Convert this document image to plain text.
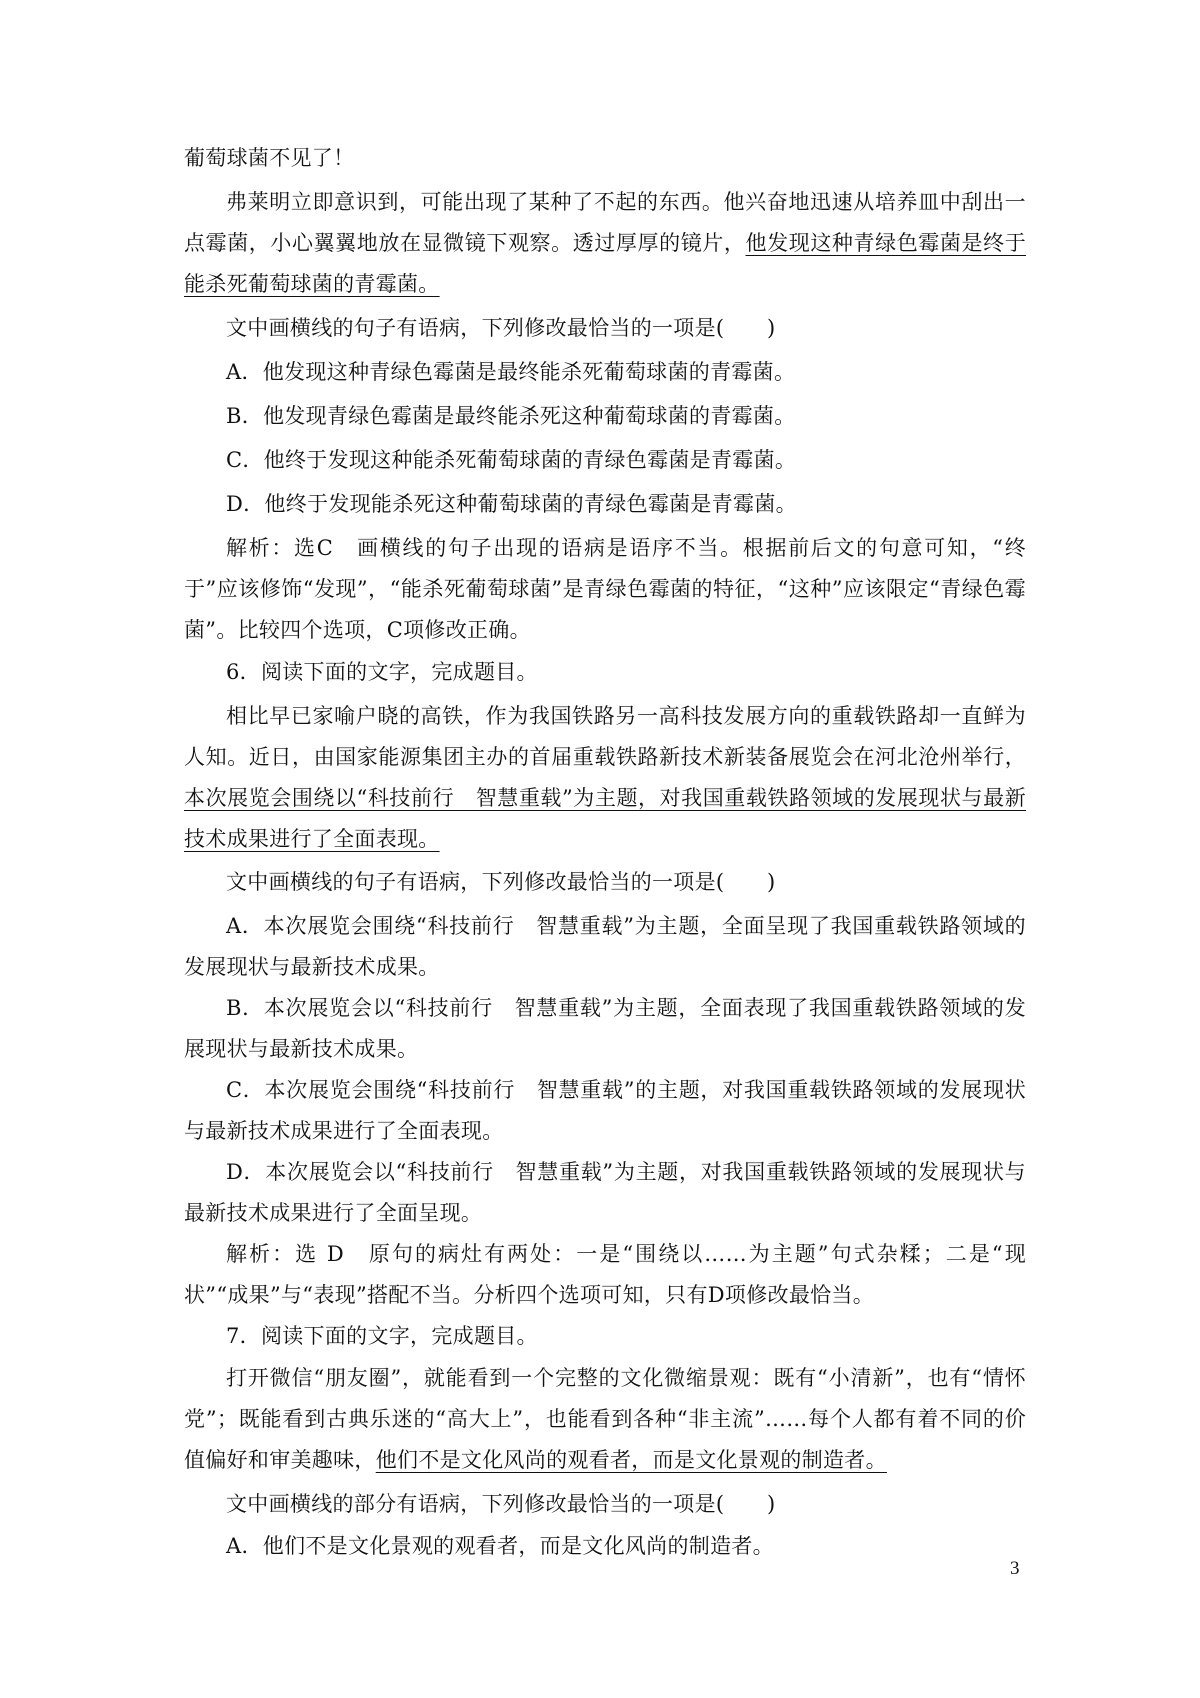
葡萄球菌不见了！

弗莱明立即意识到，可能出现了某种了不起的东西。他兴奋地迅速从培养皿中刮出一点霉菌，小心翼翼地放在显微镜下观察。透过厚厚的镜片，他发现这种青绿色霉菌是终于能杀死葡萄球菌的青霉菌。

文中画横线的句子有语病，下列修改最恰当的一项是(　　)

A．他发现这种青绿色霉菌是最终能杀死葡萄球菌的青霉菌。

B．他发现青绿色霉菌是最终能杀死这种葡萄球菌的青霉菌。

C．他终于发现这种能杀死葡萄球菌的青绿色霉菌是青霉菌。

D．他终于发现能杀死这种葡萄球菌的青绿色霉菌是青霉菌。

解析：选C　画横线的句子出现的语病是语序不当。根据前后文的句意可知，“终于”应该修饰“发现”，“能杀死葡萄球菌”是青绿色霉菌的特征，“这种”应该限定“青绿色霉菌”。比较四个选项，C项修改正确。

6．阅读下面的文字，完成题目。

相比早已家喻户晓的高铁，作为我国铁路另一高科技发展方向的重载铁路却一直鲜为人知。近日，由国家能源集团主办的首届重载铁路新技术新装备展览会在河北沧州举行，本次展览会围绕以“科技前行　智慧重载”为主题，对我国重载铁路领域的发展现状与最新技术成果进行了全面表现。

文中画横线的句子有语病，下列修改最恰当的一项是(　　)

A．本次展览会围绕“科技前行　智慧重载”为主题，全面呈现了我国重载铁路领域的发展现状与最新技术成果。

B．本次展览会以“科技前行　智慧重载”为主题，全面表现了我国重载铁路领域的发展现状与最新技术成果。

C．本次展览会围绕“科技前行　智慧重载”的主题，对我国重载铁路领域的发展现状与最新技术成果进行了全面表现。

D．本次展览会以“科技前行　智慧重载”为主题，对我国重载铁路领域的发展现状与最新技术成果进行了全面呈现。

解析：选 D　原句的病灶有两处：一是“围绕以……为主题”句式杂糅；二是“现状”“成果”与“表现”搭配不当。分析四个选项可知，只有D项修改最恰当。

7．阅读下面的文字，完成题目。

打开微信“朋友圈”，就能看到一个完整的文化微缩景观：既有“小清新”，也有“情怀党”；既能看到古典乐迷的“高大上”，也能看到各种“非主流”……每个人都有着不同的价值偏好和审美趣味，他们不是文化风尚的观看者，而是文化景观的制造者。

文中画横线的部分有语病，下列修改最恰当的一项是(　　)

A．他们不是文化景观的观看者，而是文化风尚的制造者。

3
